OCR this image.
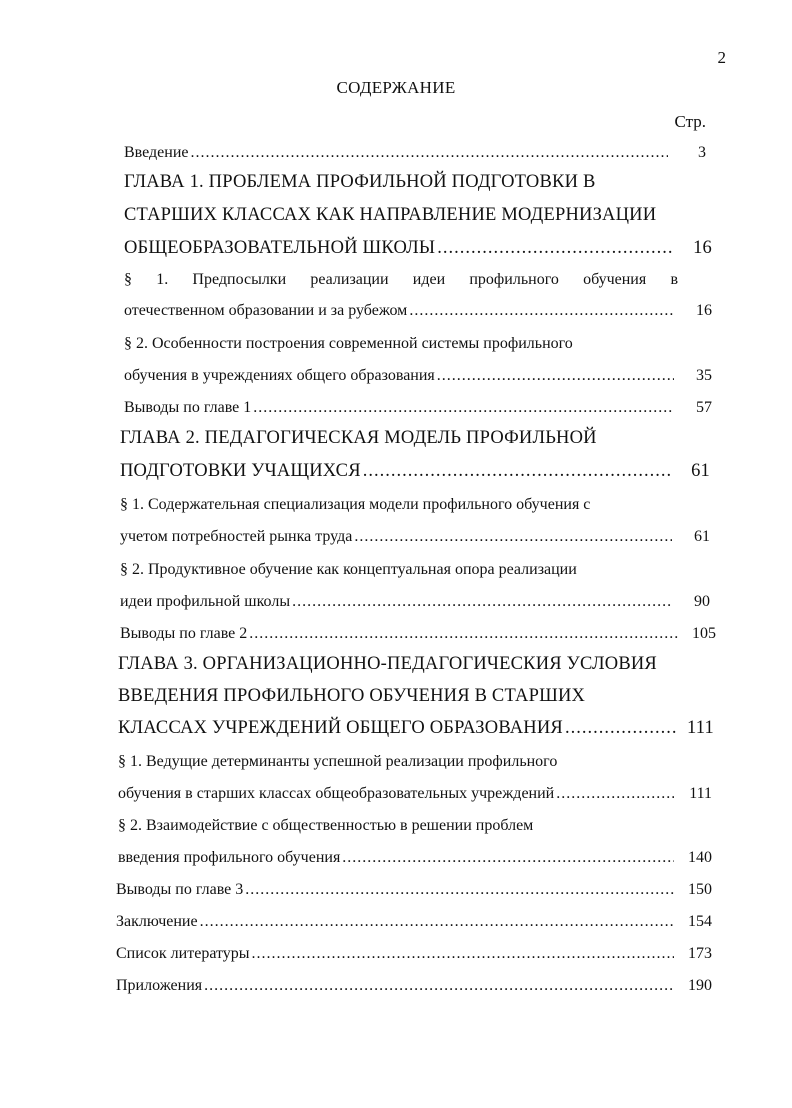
2
СОДЕРЖАНИЕ
Стр.
Введение .....	3
ГЛАВА 1. ПРОБЛЕМА ПРОФИЛЬНОЙ ПОДГОТОВКИ В
СТАРШИХ КЛАССАХ КАК НАПРАВЛЕНИЕ МОДЕРНИЗАЦИИ
ОБЩЕОБРАЗОВАТЕЛЬНОЙ ШКОЛЫ .....	16
§ 1. Предпосылки реализации идеи профильного обучения в
отечественном образовании и за рубежом .....	16
§ 2. Особенности построения современной системы профильного
обучения в учреждениях общего образования .....	35
Выводы по главе 1 .....	57
ГЛАВА 2. ПЕДАГОГИЧЕСКАЯ МОДЕЛЬ ПРОФИЛЬНОЙ
ПОДГОТОВКИ УЧАЩИХСЯ .....	61
§ 1. Содержательная специализация модели профильного обучения с
учетом потребностей рынка труда .....	61
§ 2. Продуктивное обучение как концептуальная опора реализации
идеи профильной школы .....	90
Выводы по главе 2 .....	105
ГЛАВА 3. ОРГАНИЗАЦИОННО-ПЕДАГОГИЧЕСКИЯ УСЛОВИЯ
ВВЕДЕНИЯ ПРОФИЛЬНОГО ОБУЧЕНИЯ В СТАРШИХ
КЛАССАХ УЧРЕЖДЕНИЙ ОБЩЕГО ОБРАЗОВАНИЯ .....	111
§ 1. Ведущие детерминанты успешной реализации профильного
обучения в старших классах общеобразовательных учреждений .....	111
§ 2. Взаимодействие с общественностью в решении проблем
введения профильного обучения .....	140
Выводы по главе 3 .....	150
Заключение .....	154
Список литературы .....	173
Приложения .....	190
